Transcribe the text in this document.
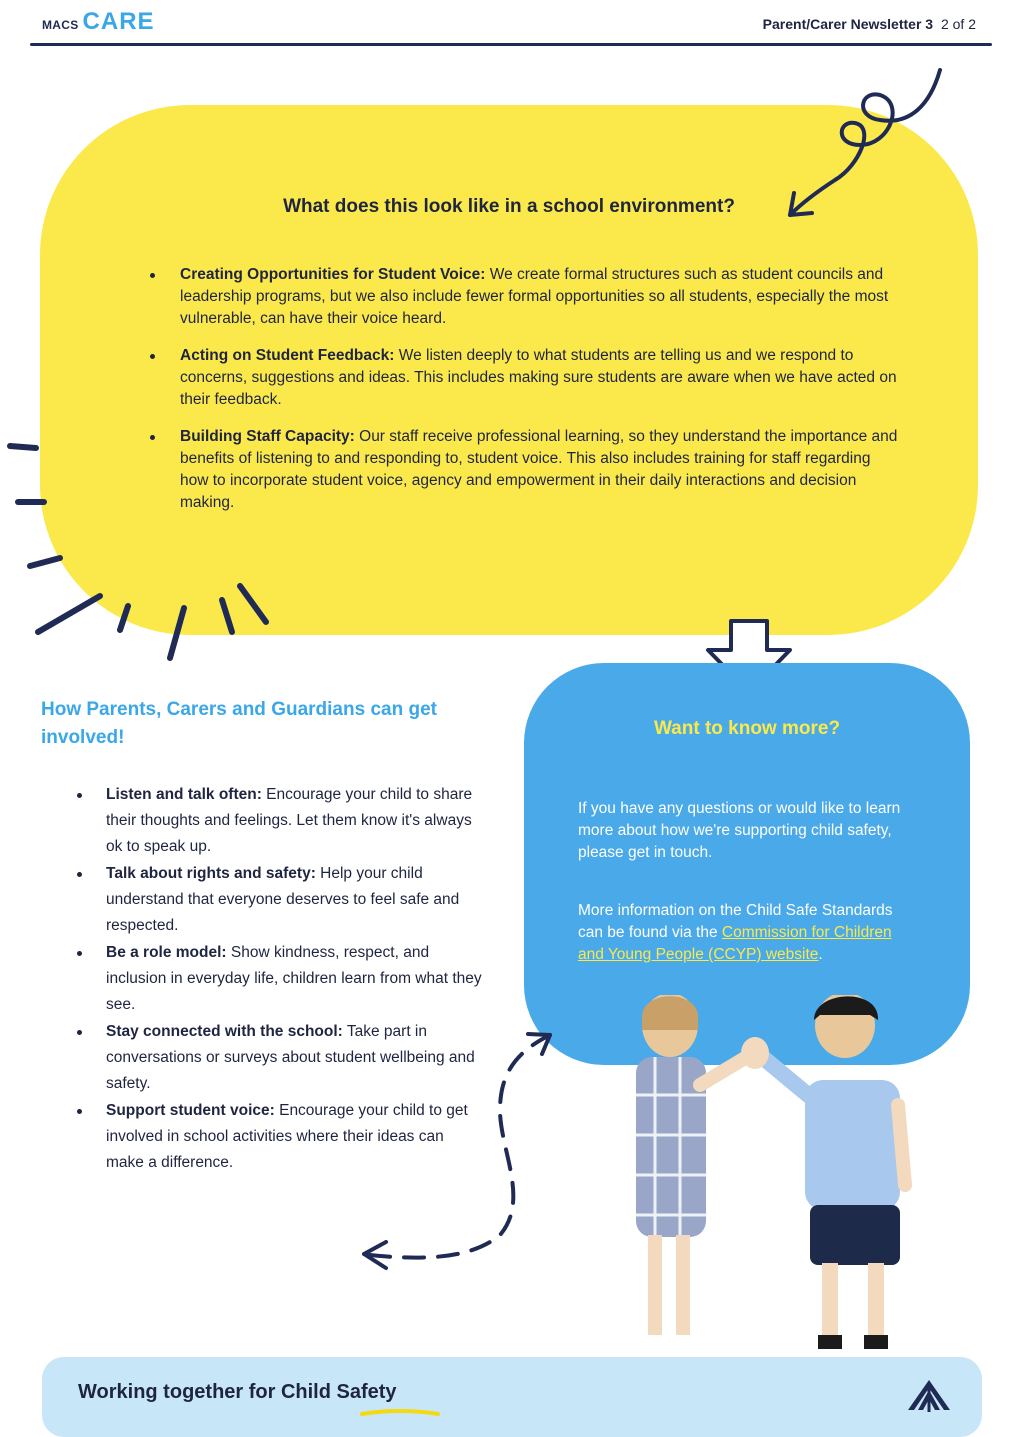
MACS CARE	Parent/Carer Newsletter 3 2 of 2
What does this look like in a school environment?
Creating Opportunities for Student Voice: We create formal structures such as student councils and leadership programs, but we also include fewer formal opportunities so all students, especially the most vulnerable, can have their voice heard.
Acting on Student Feedback: We listen deeply to what students are telling us and we respond to concerns, suggestions and ideas. This includes making sure students are aware when we have acted on their feedback.
Building Staff Capacity: Our staff receive professional learning, so they understand the importance and benefits of listening to and responding to, student voice. This also includes training for staff regarding how to incorporate student voice, agency and empowerment in their daily interactions and decision making.
How Parents, Carers and Guardians can get involved!
Listen and talk often: Encourage your child to share their thoughts and feelings. Let them know it's always ok to speak up.
Talk about rights and safety: Help your child understand that everyone deserves to feel safe and respected.
Be a role model: Show kindness, respect, and inclusion in everyday life, children learn from what they see.
Stay connected with the school: Take part in conversations or surveys about student wellbeing and safety.
Support student voice: Encourage your child to get involved in school activities where their ideas can make a difference.
Want to know more?

If you have any questions or would like to learn more about how we're supporting child safety, please get in touch.

More information on the Child Safe Standards can be found via the Commission for Children and Young People (CCYP) website.

Working together for Child Safety
